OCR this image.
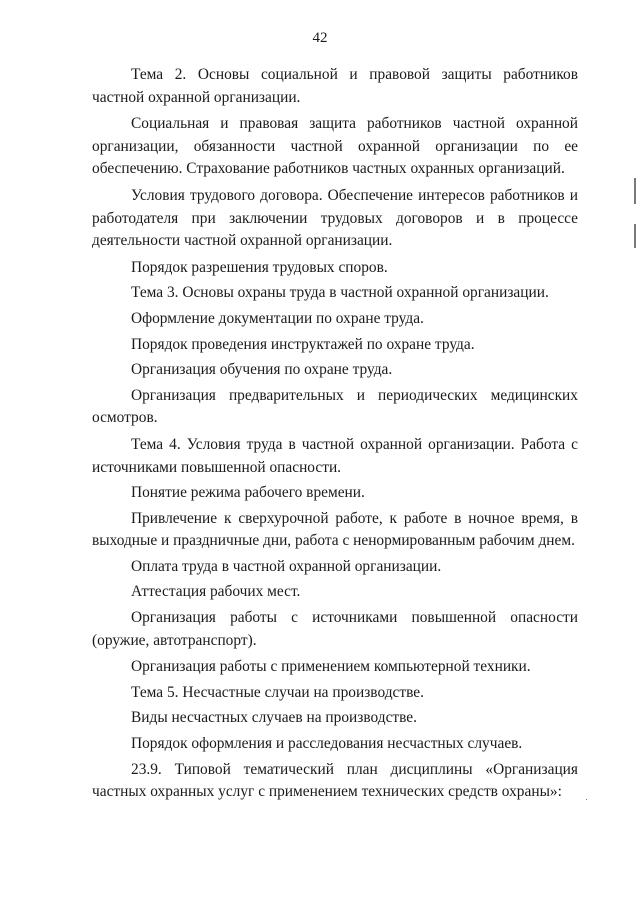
42

Тема 2. Основы социальной и правовой защиты работников частной охранной организации.

Социальная и правовая защита работников частной охранной организации, обязанности частной охранной организации по ее обеспечению. Страхование работников частных охранных организаций.

Условия трудового договора. Обеспечение интересов работников и работодателя при заключении трудовых договоров и в процессе деятельности частной охранной организации.

Порядок разрешения трудовых споров.

Тема 3. Основы охраны труда в частной охранной организации.

Оформление документации по охране труда.

Порядок проведения инструктажей по охране труда.

Организация обучения по охране труда.

Организация предварительных и периодических медицинских осмотров.

Тема 4. Условия труда в частной охранной организации. Работа с источниками повышенной опасности.

Понятие режима рабочего времени.

Привлечение к сверхурочной работе, к работе в ночное время, в выходные и праздничные дни, работа с ненормированным рабочим днем.

Оплата труда в частной охранной организации.

Аттестация рабочих мест.

Организация работы с источниками повышенной опасности (оружие, автотранспорт).

Организация работы с применением компьютерной техники.

Тема 5. Несчастные случаи на производстве.

Виды несчастных случаев на производстве.

Порядок оформления и расследования несчастных случаев.

23.9. Типовой тематический план дисциплины «Организация частных охранных услуг с применением технических средств охраны»:
